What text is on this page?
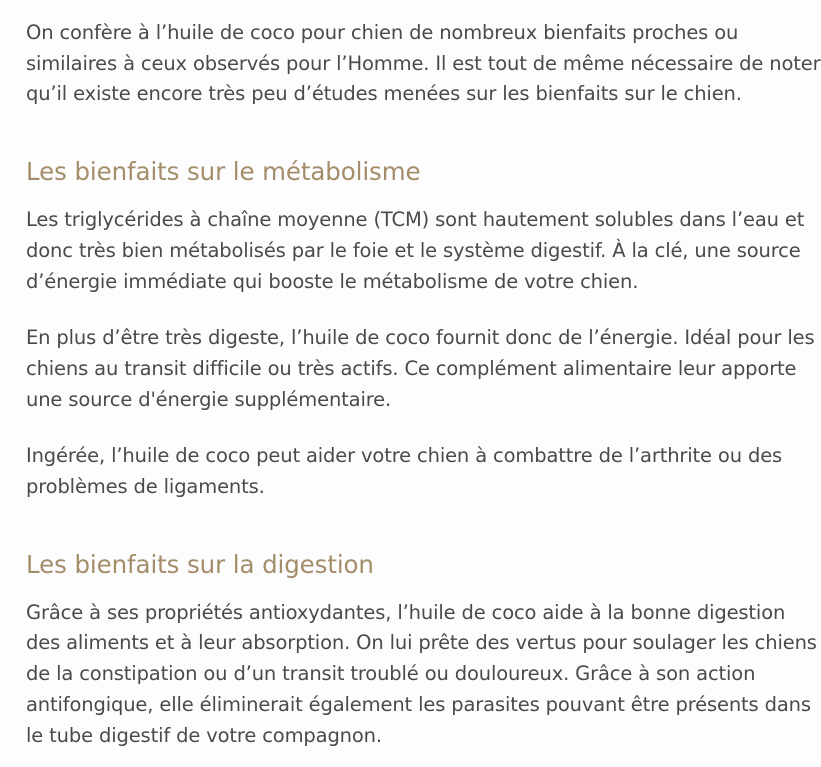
On confère à l’huile de coco pour chien de nombreux bienfaits proches ou similaires à ceux observés pour l’Homme. Il est tout de même nécessaire de noter qu’il existe encore très peu d’études menées sur les bienfaits sur le chien.

Les bienfaits sur le métabolisme

Les triglycérides à chaîne moyenne (TCM) sont hautement solubles dans l’eau et donc très bien métabolisés par le foie et le système digestif. À la clé, une source d’énergie immédiate qui booste le métabolisme de votre chien.

En plus d’être très digeste, l’huile de coco fournit donc de l’énergie. Idéal pour les chiens au transit difficile ou très actifs. Ce complément alimentaire leur apporte une source d'énergie supplémentaire.

Ingérée, l’huile de coco peut aider votre chien à combattre de l’arthrite ou des problèmes de ligaments.

Les bienfaits sur la digestion

Grâce à ses propriétés antioxydantes, l’huile de coco aide à la bonne digestion des aliments et à leur absorption. On lui prête des vertus pour soulager les chiens de la constipation ou d’un transit troublé ou douloureux. Grâce à son action antifongique, elle éliminerait également les parasites pouvant être présents dans le tube digestif de votre compagnon.
